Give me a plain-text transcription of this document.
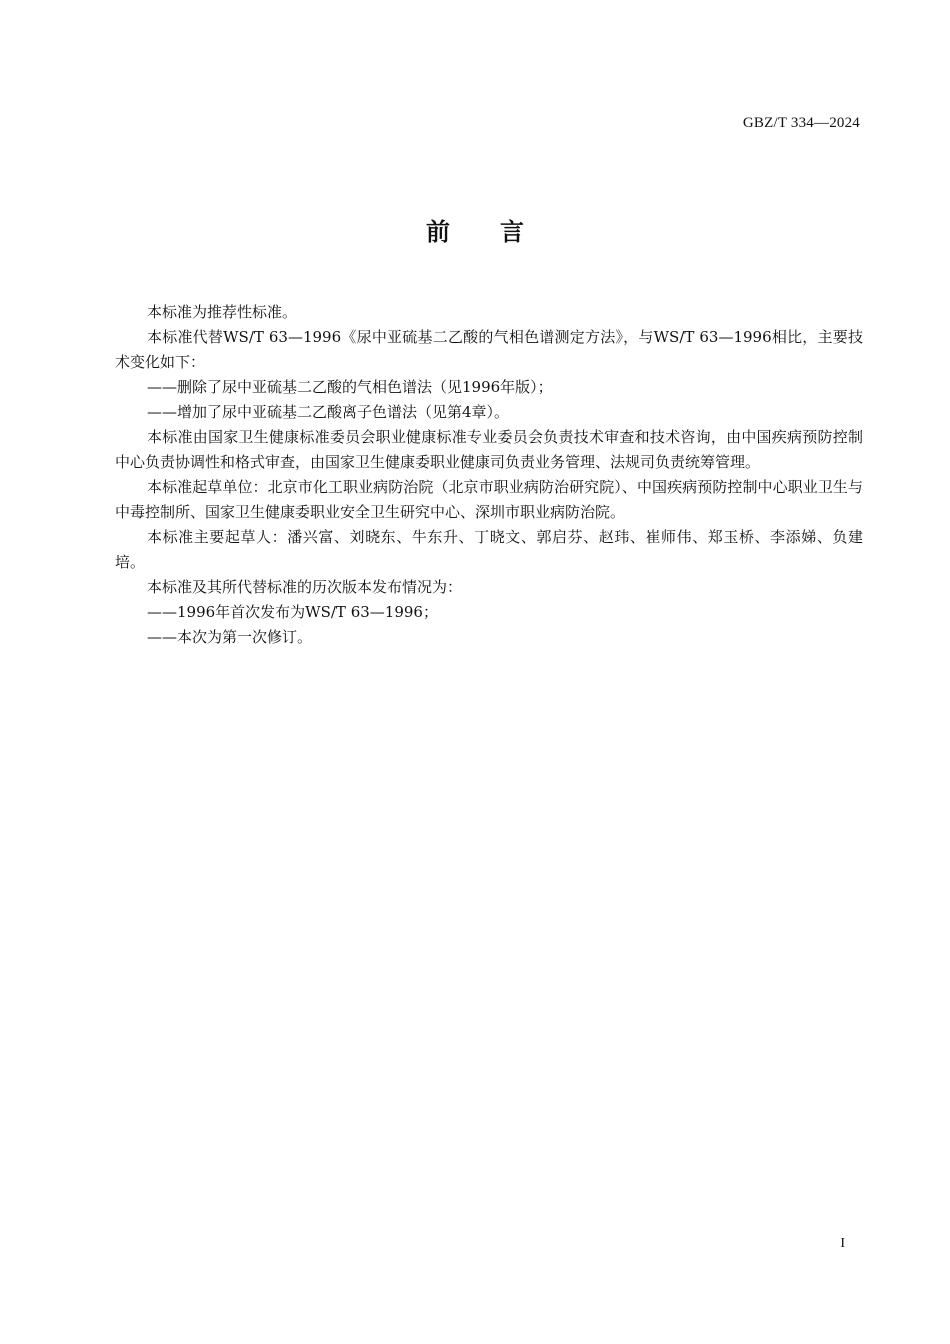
GBZ/T 334—2024
前言

本标准为推荐性标准。

本标准代替WS/T 63—1996《尿中亚硫基二乙酸的气相色谱测定方法》，与WS/T 63—1996相比，主要技术变化如下：

——删除了尿中亚硫基二乙酸的气相色谱法（见1996年版）；

——增加了尿中亚硫基二乙酸离子色谱法（见第4章）。

本标准由国家卫生健康标准委员会职业健康标准专业委员会负责技术审查和技术咨询，由中国疾病预防控制中心负责协调性和格式审查，由国家卫生健康委职业健康司负责业务管理、法规司负责统筹管理。

本标准起草单位：北京市化工职业病防治院（北京市职业病防治研究院）、中国疾病预防控制中心职业卫生与中毒控制所、国家卫生健康委职业安全卫生研究中心、深圳市职业病防治院。

本标准主要起草人：潘兴富、刘晓东、牛东升、丁晓文、郭启芬、赵玮、崔师伟、郑玉桥、李添娣、负建培。

本标准及其所代替标准的历次版本发布情况为：

——1996年首次发布为WS/T 63—1996；

——本次为第一次修订。

I
